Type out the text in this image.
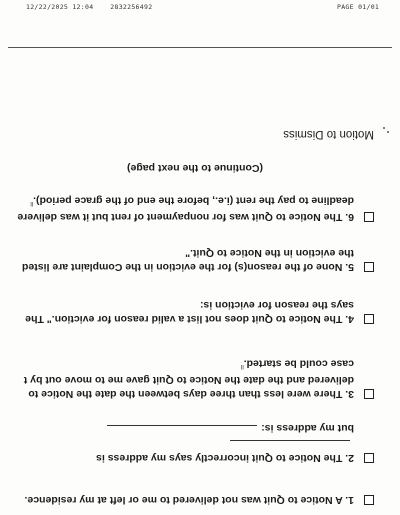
12/22/2025 12:04	2832256492	PAGE 01/01
1. A Notice to Quit was not delivered to me or left at my residence.
2. The Notice to Quit incorrectly says my address is
but my address is:
3. There were less than three days between the date the Notice to
delivered and the date the Notice to Quit gave me to move out by t
case could be started.$^{ll}$
4. The Notice to Quit does not list a valid reason for eviction." The
says the reason for eviction is:
5. None of the reason(s) for the eviction in the Complaint are listed
the eviction in the Notice to Quit."
6. The Notice to Quit was for nonpayment of rent but it was delivere
deadline to pay the rent (i.e., before the end of the grace period).$^{ll}$
(Continue to the next page)
Motion to Dismiss
